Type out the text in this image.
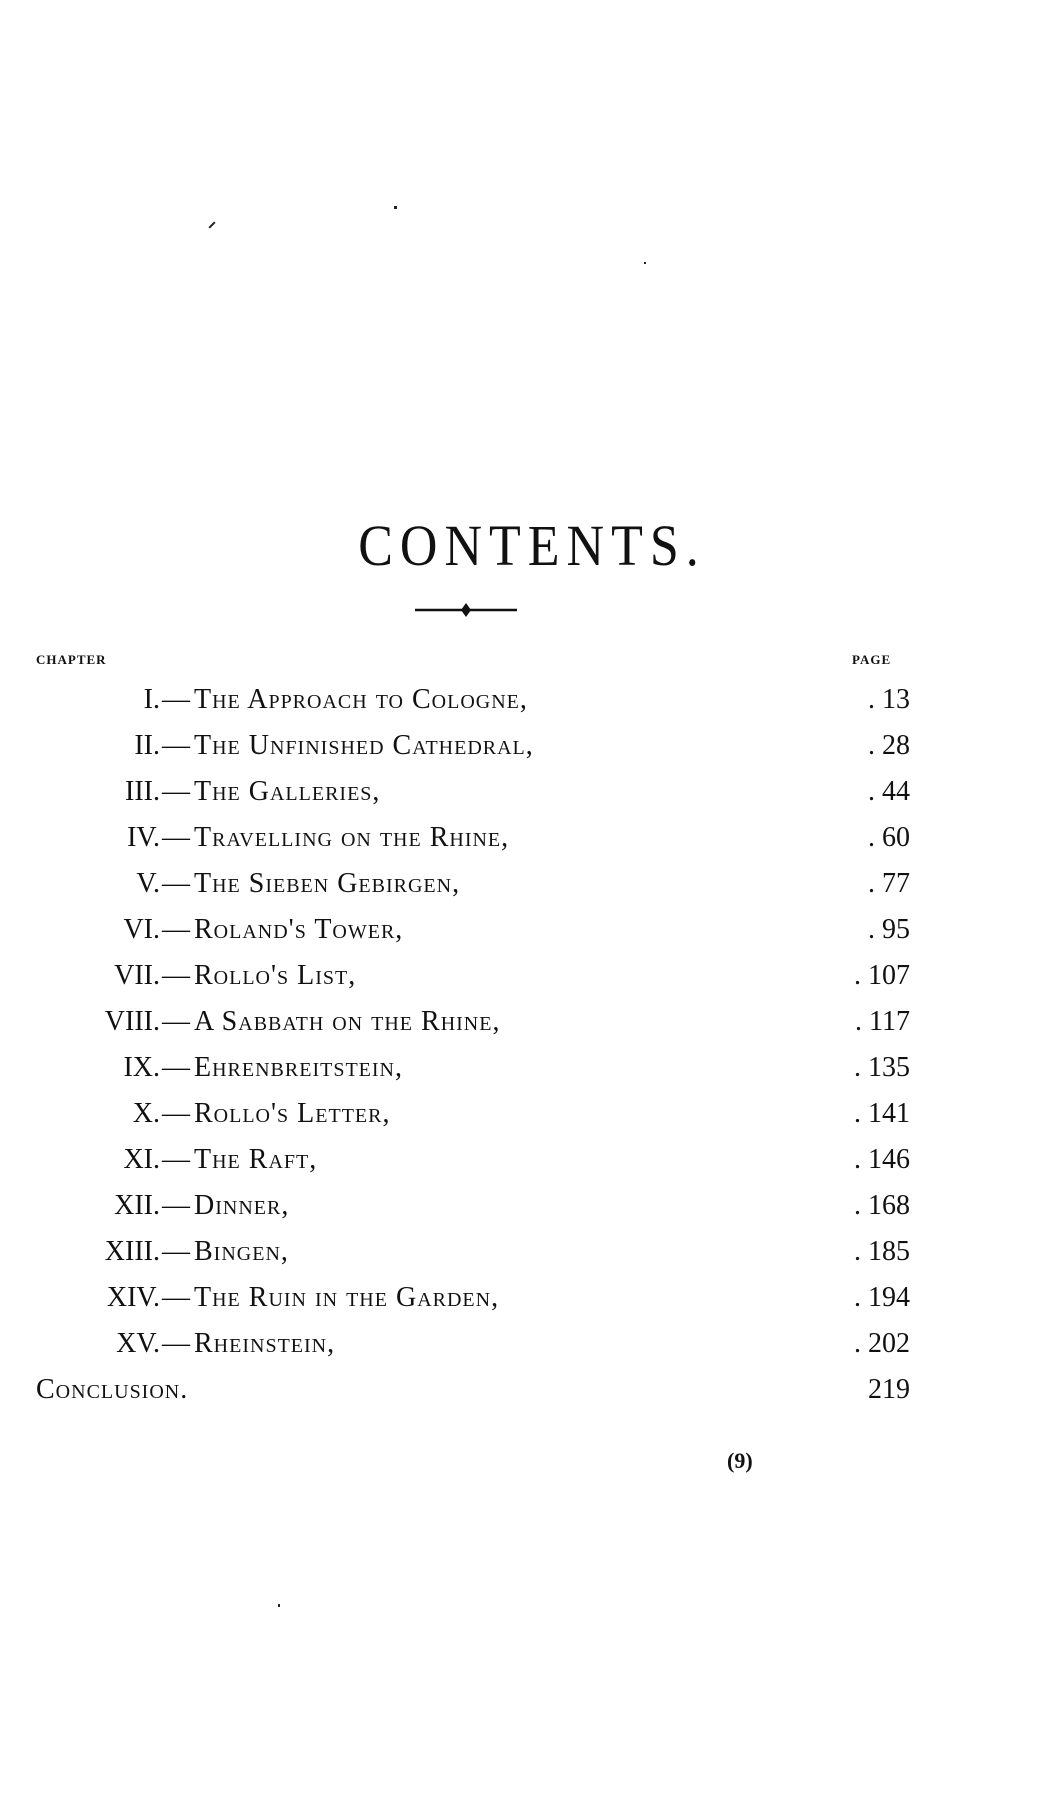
CONTENTS.
CHAPTER	PAGE
I. — The Approach to Cologne,	. 13
II. — The Unfinished Cathedral,	. 28
III. — The Galleries,	. 44
IV. — Travelling on the Rhine,	. 60
V. — The Sieben Gebirgen,	. 77
VI. — Roland's Tower,	. 95
VII. — Rollo's List,	. 107
VIII. — A Sabbath on the Rhine,	. 117
IX. — Ehrenbreitstein,	. 135
X. — Rollo's Letter,	. 141
XI. — The Raft,	. 146
XII. — Dinner,	. 168
XIII. — Bingen,	. 185
XIV. — The Ruin in the Garden,	. 194
XV. — Rheinstein,	. 202
Conclusion.	219
(9)
